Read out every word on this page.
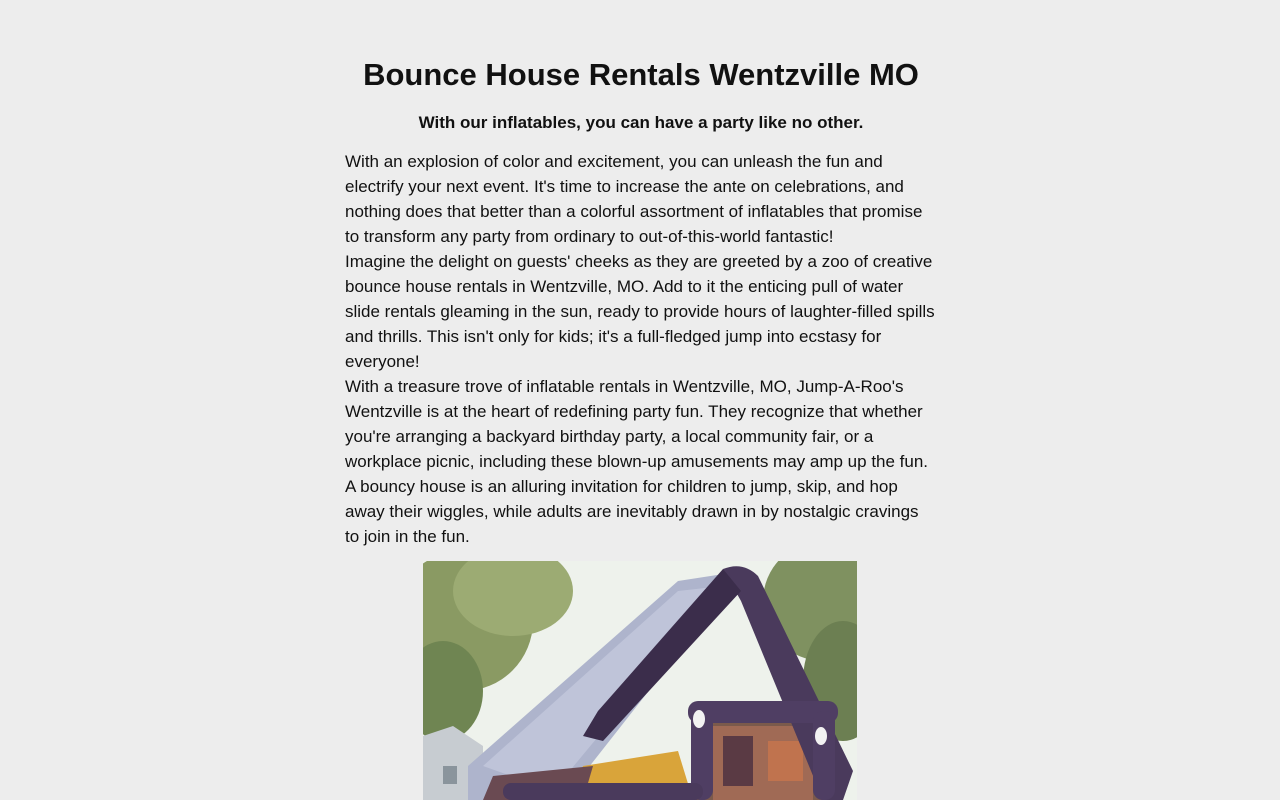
Bounce House Rentals Wentzville MO
With our inflatables, you can have a party like no other.

With an explosion of color and excitement, you can unleash the fun and electrify your next event. It's time to increase the ante on celebrations, and nothing does that better than a colorful assortment of inflatables that promise to transform any party from ordinary to out-of-this-world fantastic!

Imagine the delight on guests' cheeks as they are greeted by a zoo of creative bounce house rentals in Wentzville, MO. Add to it the enticing pull of water slide rentals gleaming in the sun, ready to provide hours of laughter-filled spills and thrills. This isn't only for kids; it's a full-fledged jump into ecstasy for everyone!

With a treasure trove of inflatable rentals in Wentzville, MO, Jump-A-Roo's Wentzville is at the heart of redefining party fun. They recognize that whether you're arranging a backyard birthday party, a local community fair, or a workplace picnic, including these blown-up amusements may amp up the fun. A bouncy house is an alluring invitation for children to jump, skip, and hop away their wiggles, while adults are inevitably drawn in by nostalgic cravings to join in the fun.
